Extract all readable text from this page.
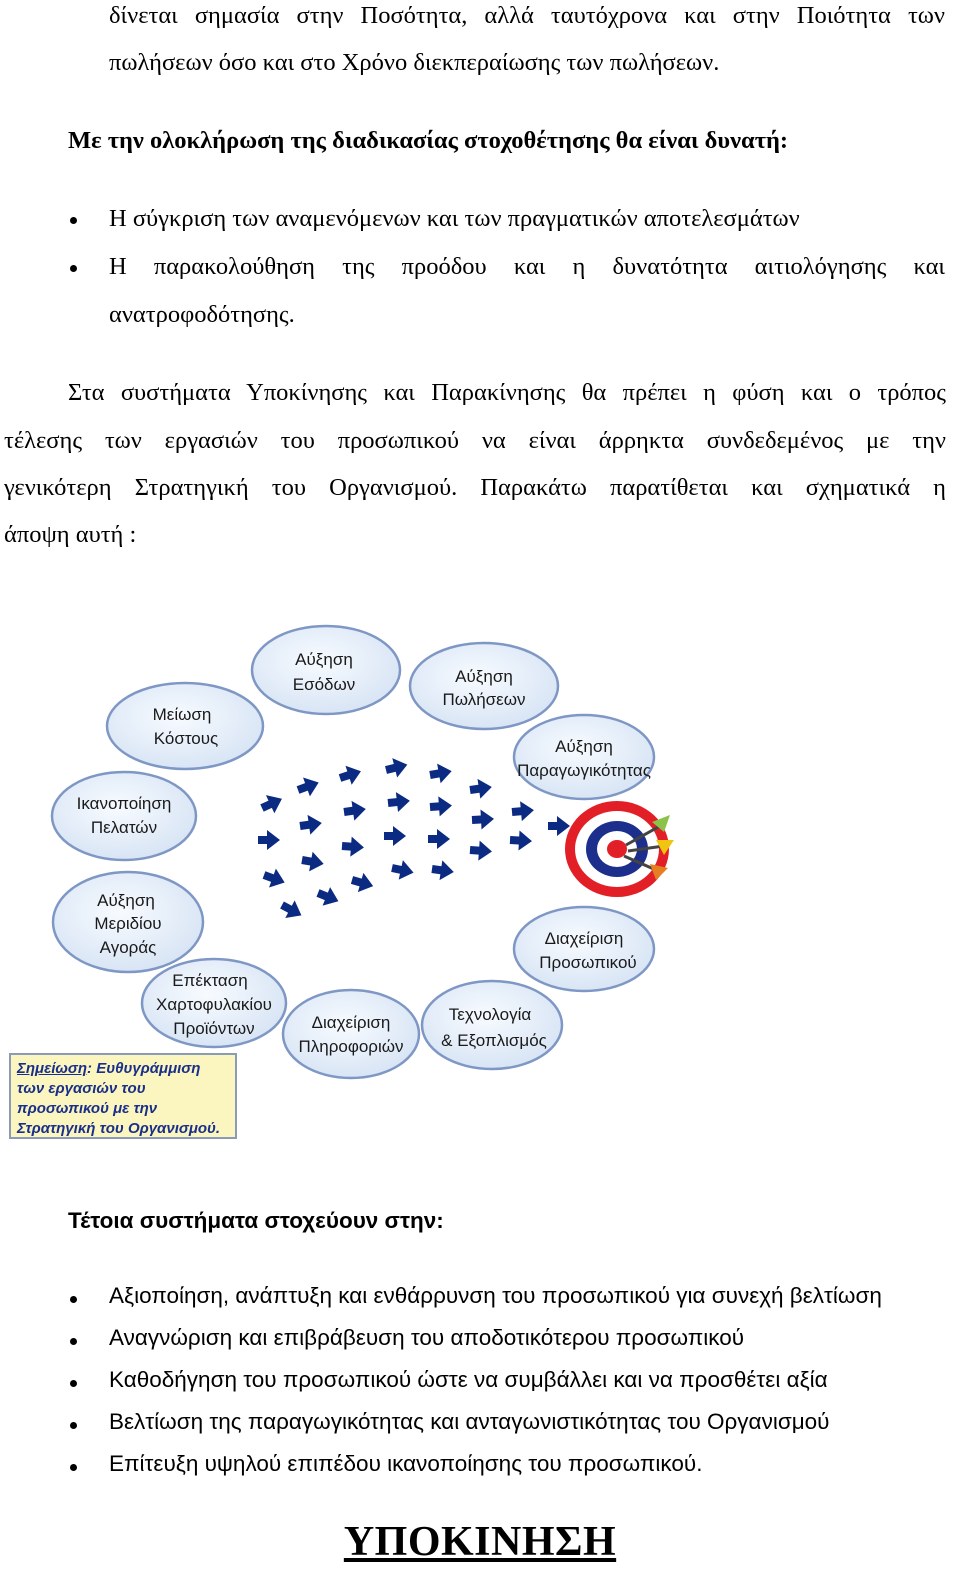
δίνεται σημασία στην Ποσότητα, αλλά ταυτόχρονα και στην Ποιότητα των
πωλήσεων όσο και στο Χρόνο διεκπεραίωσης των πωλήσεων.
Με την ολοκλήρωση της διαδικασίας στοχοθέτησης θα είναι δυνατή:
Η σύγκριση των αναμενόμενων και των πραγματικών αποτελεσμάτων
Η παρακολούθηση της προόδου και η δυνατότητα αιτιολόγησης και
ανατροφοδότησης.
Στα συστήματα Υποκίνησης και Παρακίνησης θα πρέπει η φύση και ο τρόπος
τέλεσης των εργασιών του προσωπικού να είναι άρρηκτα συνδεδεμένος με την
γενικότερη Στρατηγική του Οργανισμού. Παρακάτω παρατίθεται και σχηματικά η
άποψη αυτή :
Αύξηση
Εσόδων	Αύξηση
Πωλήσεων
Μείωση
Κόστους	Αύξηση
Παραγωγικότητας
Ικανοποίηση
Πελατών
Αύξηση
Μεριδίου
Αγοράς	Διαχείριση
Προσωπικού
Επέκταση
Χαρτοφυλακίου
Προϊόντων	Διαχείριση
Πληροφοριών
Τεχνολογία
& Εξοπλισμός
Σημείωση: Ευθυγράμμιση
των εργασιών του
προσωπικού με την
Στρατηγική του Οργανισμού.
Τέτοια συστήματα στοχεύουν στην:
Αξιοποίηση, ανάπτυξη και ενθάρρυνση του προσωπικού για συνεχή βελτίωση
Αναγνώριση και επιβράβευση του αποδοτικότερου προσωπικού
Καθοδήγηση του προσωπικού ώστε να συμβάλλει και να προσθέτει αξία
Βελτίωση της παραγωγικότητας και ανταγωνιστικότητας του Οργανισμού
Επίτευξη υψηλού επιπέδου ικανοποίησης του προσωπικού.
ΥΠΟΚΙΝΗΣΗ
